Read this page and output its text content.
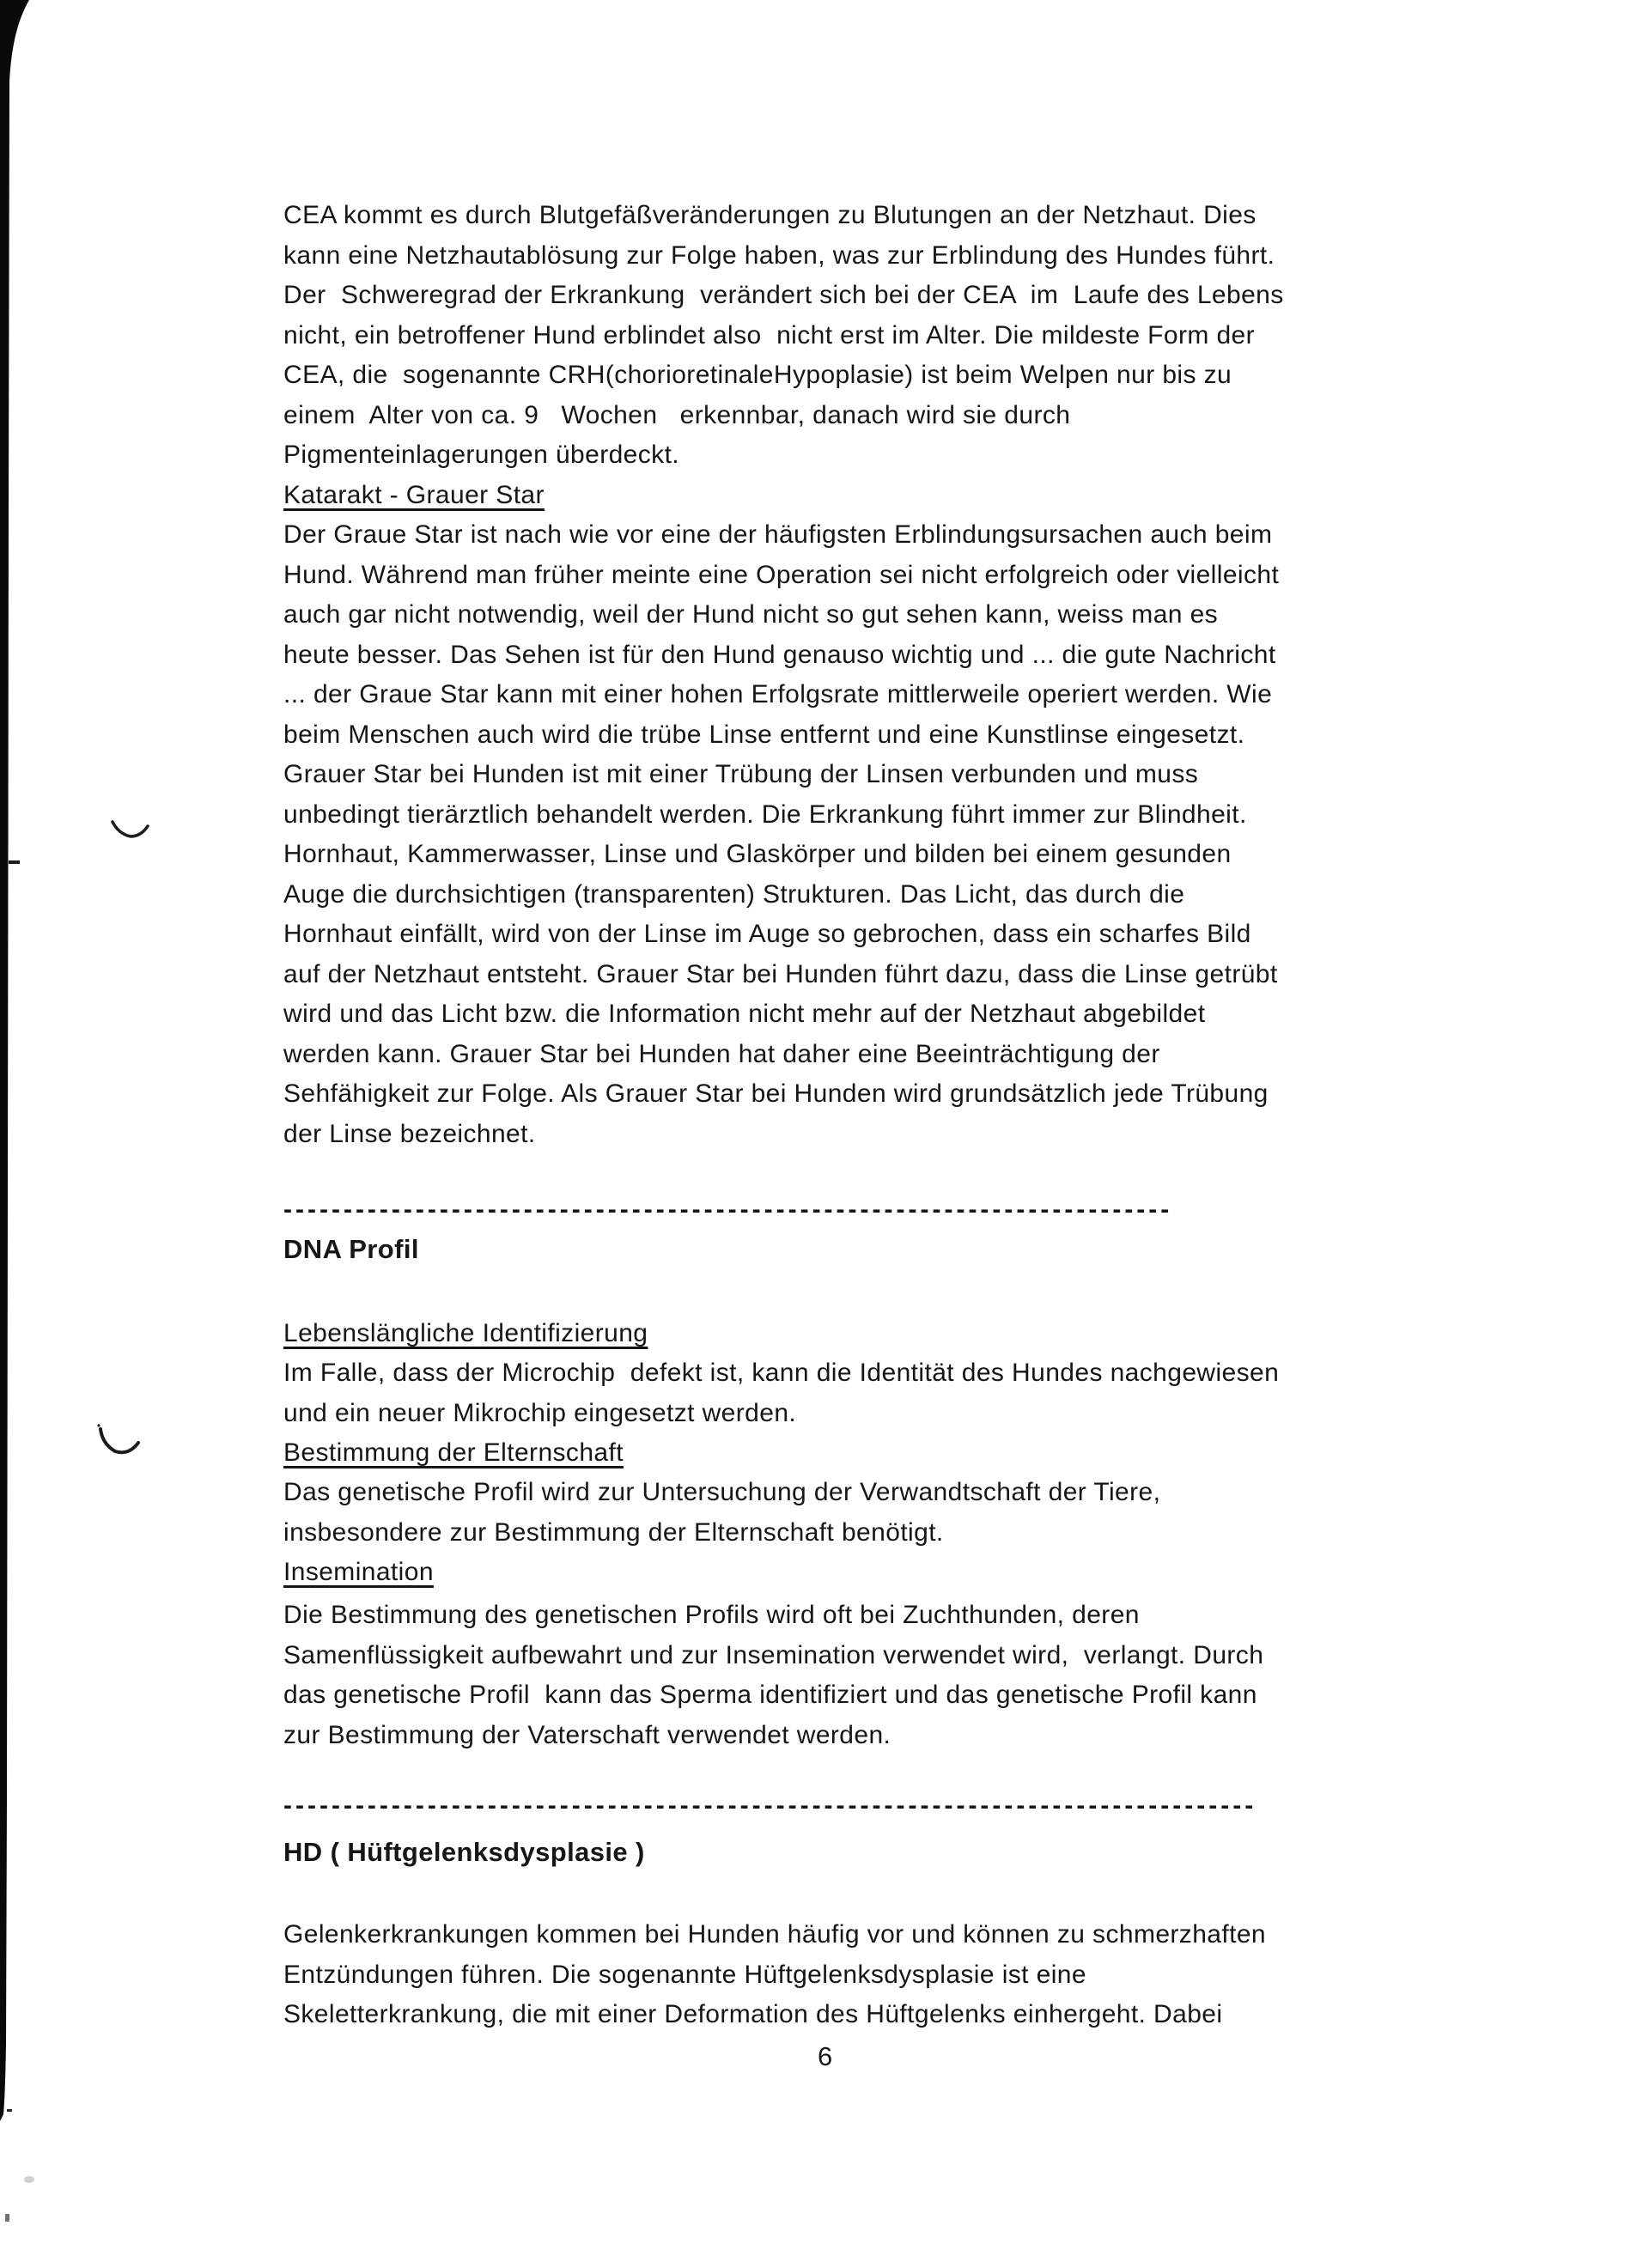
CEA kommt es durch Blutgefäßveränderungen zu Blutungen an der Netzhaut. Dies
kann eine Netzhautablösung zur Folge haben, was zur Erblindung des Hundes führt.
Der  Schweregrad der Erkrankung  verändert sich bei der CEA  im  Laufe des Lebens
nicht, ein betroffener Hund erblindet also  nicht erst im Alter. Die mildeste Form der
CEA, die  sogenannte CRH(chorioretinaleHypoplasie) ist beim Welpen nur bis zu
einem  Alter von ca. 9   Wochen   erkennbar, danach wird sie durch
Pigmenteinlagerungen überdeckt.
Katarakt - Grauer Star
Der Graue Star ist nach wie vor eine der häufigsten Erblindungsursachen auch beim
Hund. Während man früher meinte eine Operation sei nicht erfolgreich oder vielleicht
auch gar nicht notwendig, weil der Hund nicht so gut sehen kann, weiss man es
heute besser. Das Sehen ist für den Hund genauso wichtig und ... die gute Nachricht
... der Graue Star kann mit einer hohen Erfolgsrate mittlerweile operiert werden. Wie
beim Menschen auch wird die trübe Linse entfernt und eine Kunstlinse eingesetzt.
Grauer Star bei Hunden ist mit einer Trübung der Linsen verbunden und muss
unbedingt tierärztlich behandelt werden. Die Erkrankung führt immer zur Blindheit.
Hornhaut, Kammerwasser, Linse und Glaskörper und bilden bei einem gesunden
Auge die durchsichtigen (transparenten) Strukturen. Das Licht, das durch die
Hornhaut einfällt, wird von der Linse im Auge so gebrochen, dass ein scharfes Bild
auf der Netzhaut entsteht. Grauer Star bei Hunden führt dazu, dass die Linse getrübt
wird und das Licht bzw. die Information nicht mehr auf der Netzhaut abgebildet
werden kann. Grauer Star bei Hunden hat daher eine Beeinträchtigung der
Sehfähigkeit zur Folge. Als Grauer Star bei Hunden wird grundsätzlich jede Trübung
der Linse bezeichnet.
--------------------------------------------------------------------------
DNA Profil
Lebenslängliche Identifizierung
Im Falle, dass der Microchip  defekt ist, kann die Identität des Hundes nachgewiesen
und ein neuer Mikrochip eingesetzt werden.
Bestimmung der Elternschaft
Das genetische Profil wird zur Untersuchung der Verwandtschaft der Tiere,
insbesondere zur Bestimmung der Elternschaft benötigt.
Insemination
Die Bestimmung des genetischen Profils wird oft bei Zuchthunden, deren
Samenflüssigkeit aufbewahrt und zur Insemination verwendet wird,  verlangt. Durch
das genetische Profil  kann das Sperma identifiziert und das genetische Profil kann
zur Bestimmung der Vaterschaft verwendet werden.
---------------------------------------------------------------------------------
HD ( Hüftgelenksdysplasie )
Gelenkerkrankungen kommen bei Hunden häufig vor und können zu schmerzhaften
Entzündungen führen. Die sogenannte Hüftgelenksdysplasie ist eine
Skeletterkrankung, die mit einer Deformation des Hüftgelenks einhergeht. Dabei
6
